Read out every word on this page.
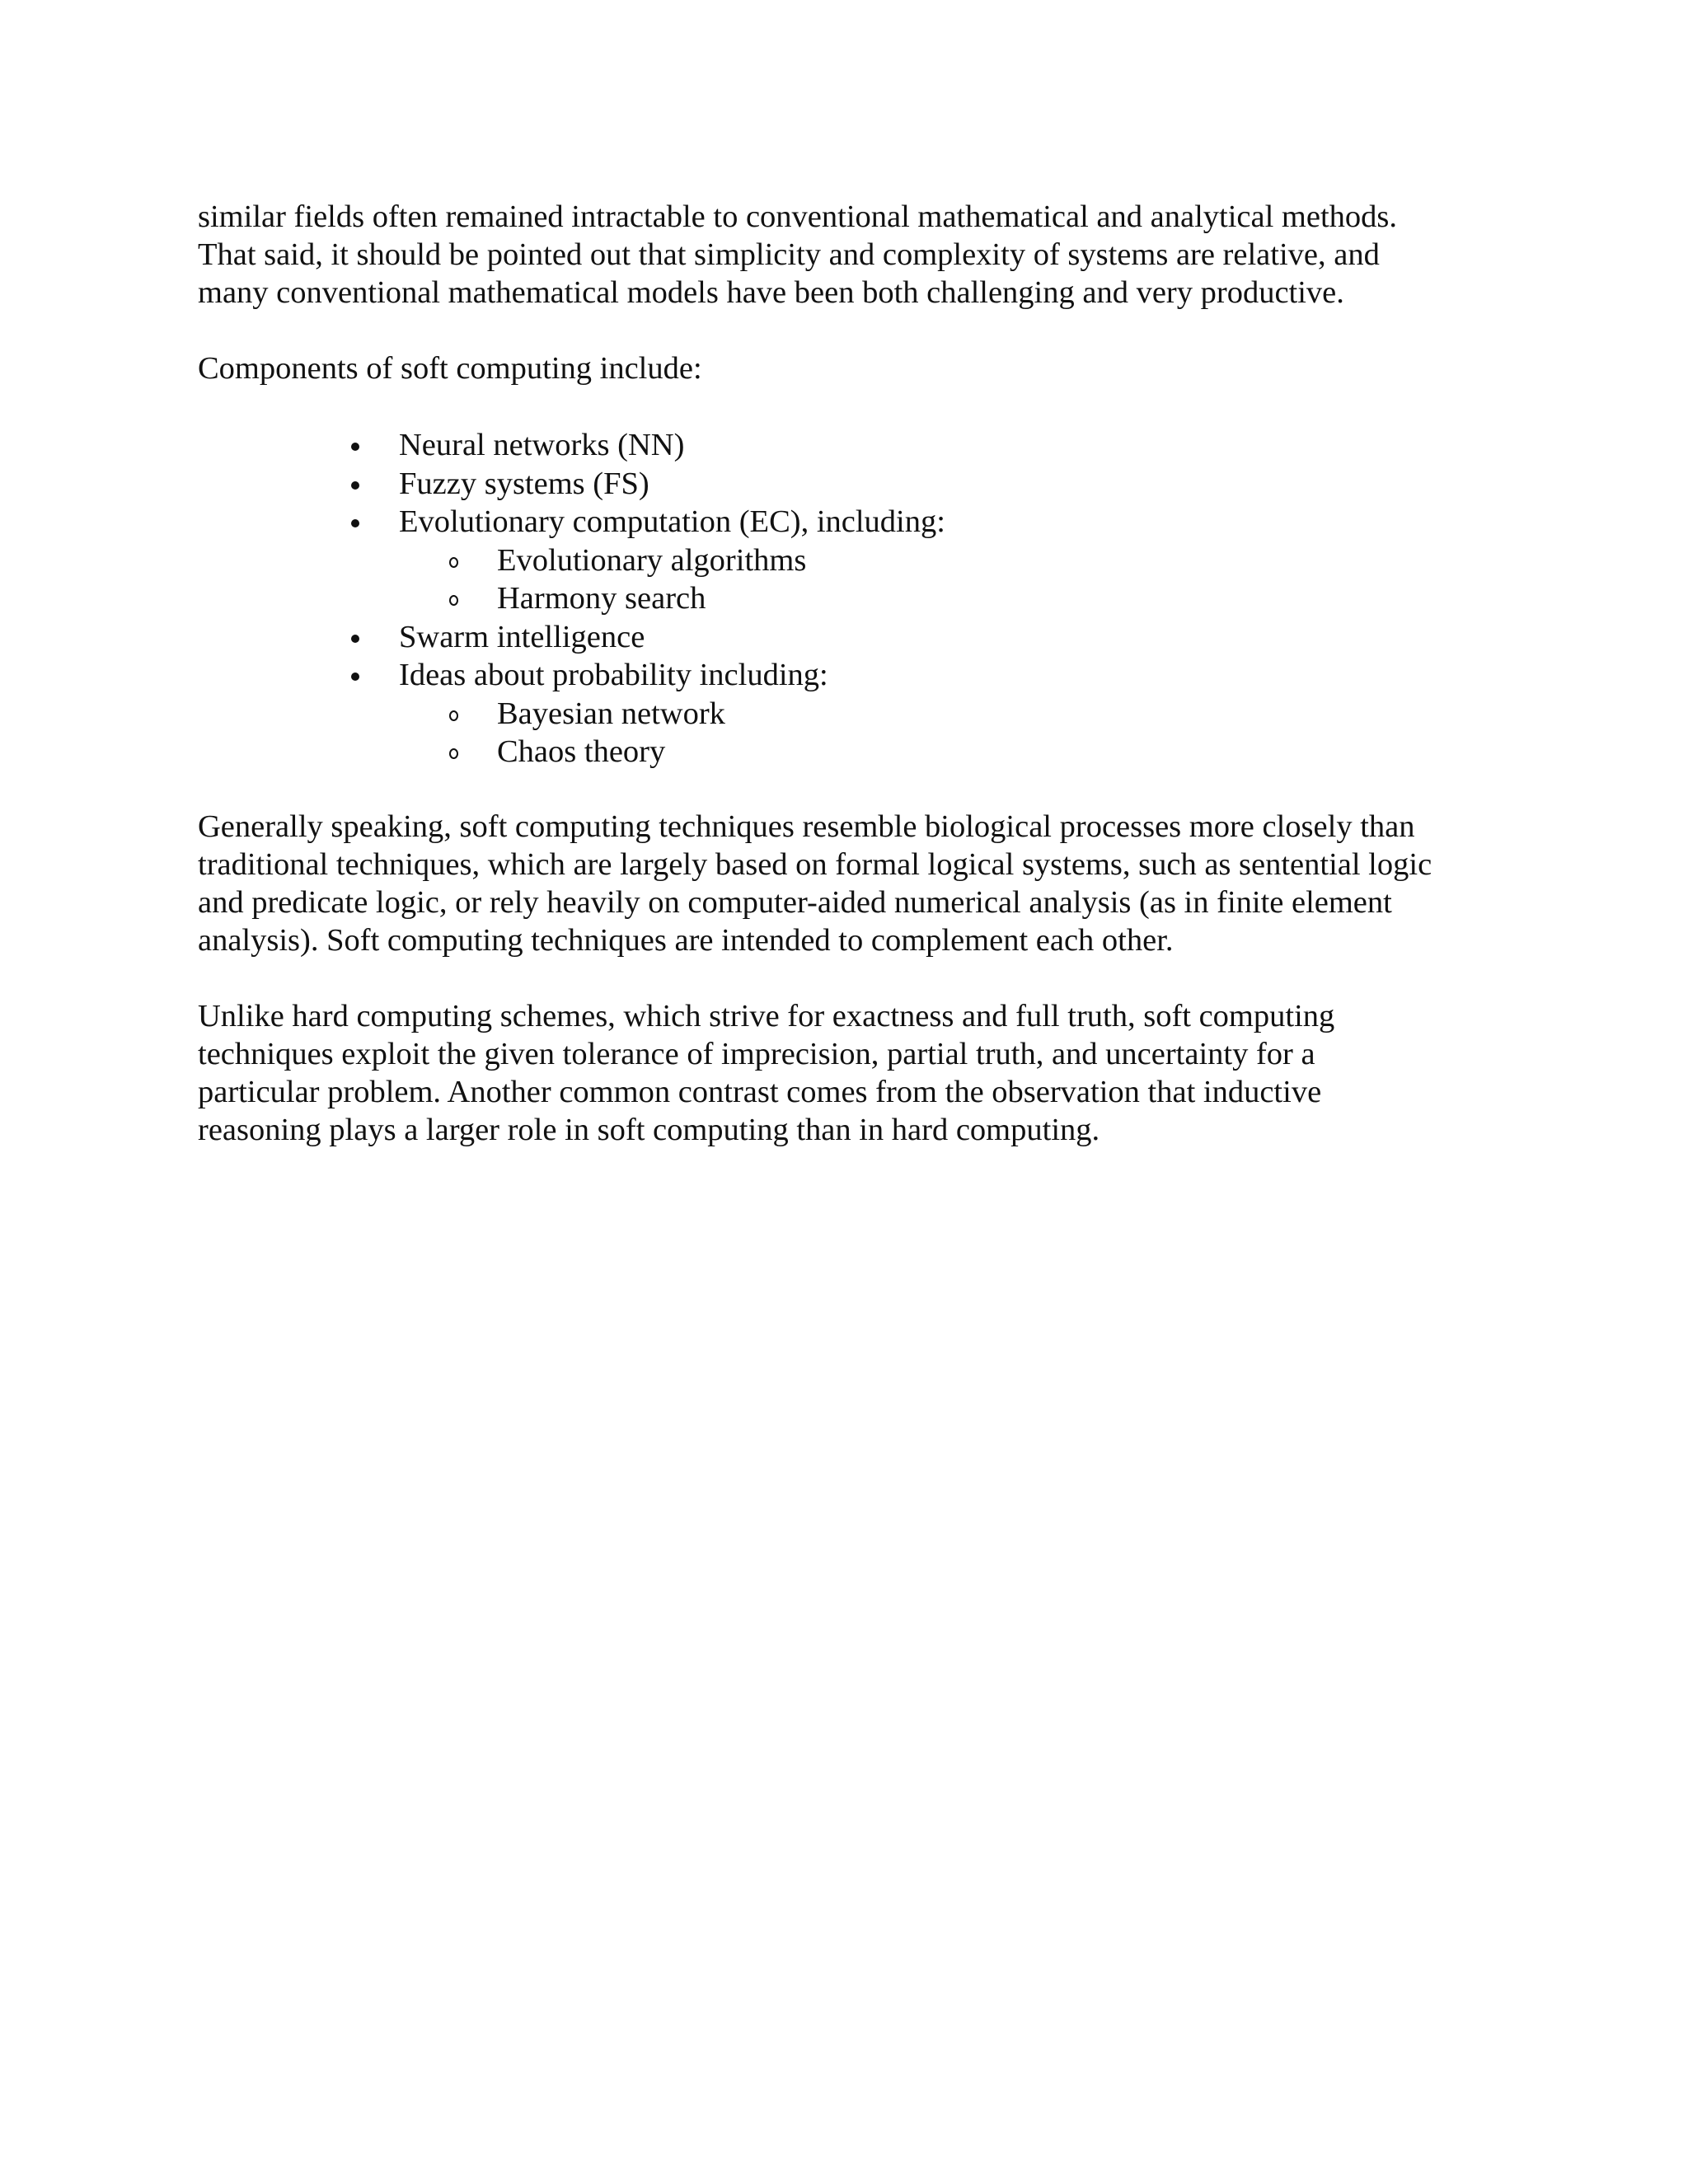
similar fields often remained intractable to conventional mathematical and analytical methods.
That said, it should be pointed out that simplicity and complexity of systems are relative, and
many conventional mathematical models have been both challenging and very productive.
Components of soft computing include:
Neural networks (NN)
Fuzzy systems (FS)
Evolutionary computation (EC), including:
Evolutionary algorithms
Harmony search
Swarm intelligence
Ideas about probability including:
Bayesian network
Chaos theory
Generally speaking, soft computing techniques resemble biological processes more closely than
traditional techniques, which are largely based on formal logical systems, such as sentential logic
and predicate logic, or rely heavily on computer-aided numerical analysis (as in finite element
analysis). Soft computing techniques are intended to complement each other.
Unlike hard computing schemes, which strive for exactness and full truth, soft computing
techniques exploit the given tolerance of imprecision, partial truth, and uncertainty for a
particular problem. Another common contrast comes from the observation that inductive
reasoning plays a larger role in soft computing than in hard computing.
